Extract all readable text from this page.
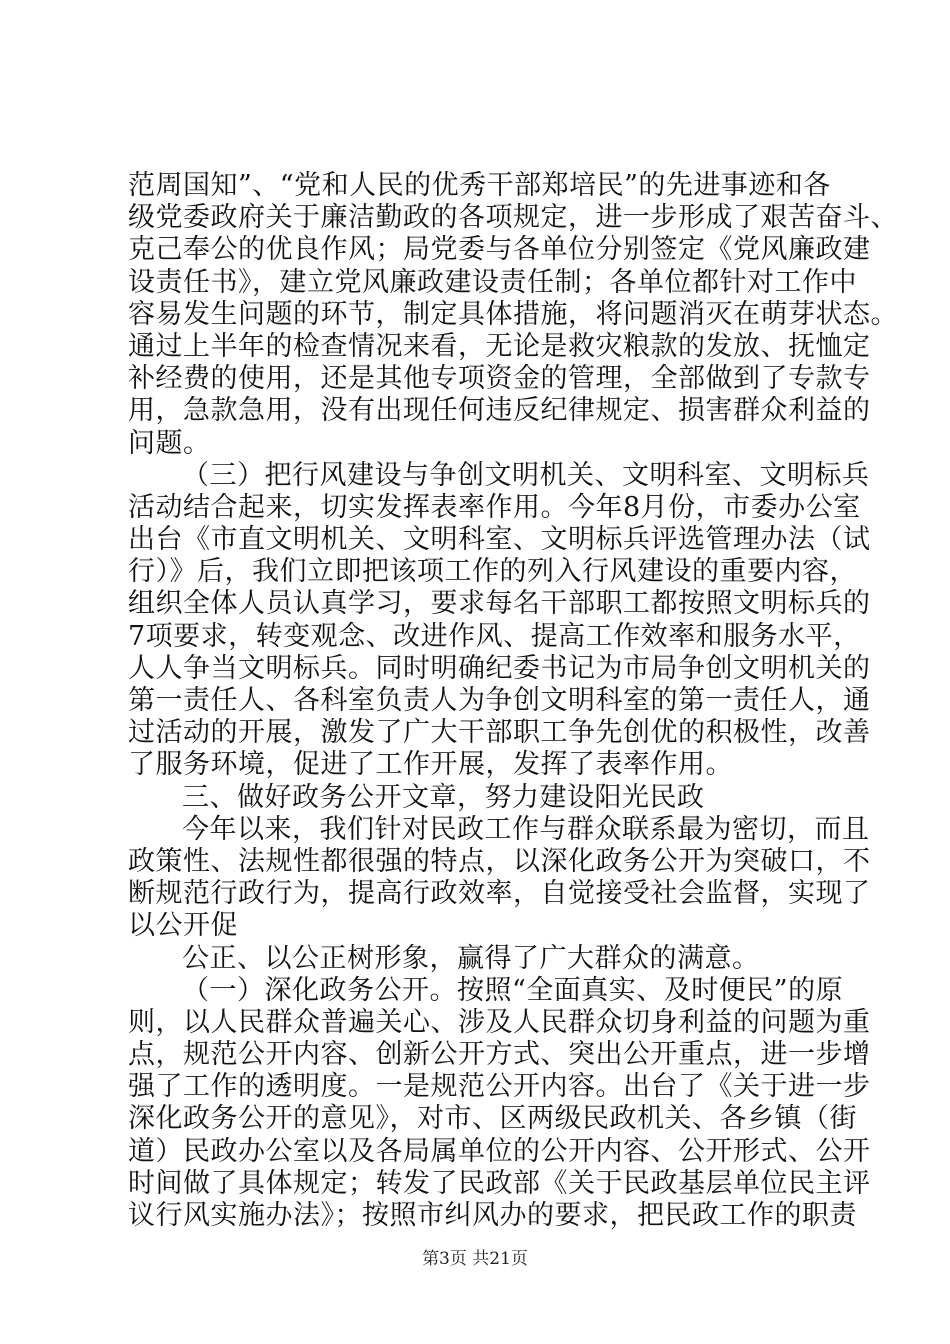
范周国知”、“党和人民的优秀干部郑培民”的先进事迹和各
级党委政府关于廉洁勤政的各项规定，进一步形成了艰苦奋斗、
克己奉公的优良作风；局党委与各单位分别签定《党风廉政建
设责任书》，建立党风廉政建设责任制；各单位都针对工作中
容易发生问题的环节，制定具体措施，将问题消灭在萌芽状态。
通过上半年的检查情况来看，无论是救灾粮款的发放、抚恤定
补经费的使用，还是其他专项资金的管理，全部做到了专款专
用，急款急用，没有出现任何违反纪律规定、损害群众利益的
问题。
（三）把行风建设与争创文明机关、文明科室、文明标兵
活动结合起来，切实发挥表率作用。今年8月份，市委办公室
出台《市直文明机关、文明科室、文明标兵评选管理办法（试
行）》后，我们立即把该项工作的列入行风建设的重要内容，
组织全体人员认真学习，要求每名干部职工都按照文明标兵的
7项要求，转变观念、改进作风、提高工作效率和服务水平，
人人争当文明标兵。同时明确纪委书记为市局争创文明机关的
第一责任人、各科室负责人为争创文明科室的第一责任人，通
过活动的开展，激发了广大干部职工争先创优的积极性，改善
了服务环境，促进了工作开展，发挥了表率作用。
三、做好政务公开文章，努力建设阳光民政
今年以来，我们针对民政工作与群众联系最为密切，而且
政策性、法规性都很强的特点，以深化政务公开为突破口，不
断规范行政行为，提高行政效率，自觉接受社会监督，实现了
以公开促
公正、以公正树形象，赢得了广大群众的满意。
（一）深化政务公开。按照“全面真实、及时便民”的原
则，以人民群众普遍关心、涉及人民群众切身利益的问题为重
点，规范公开内容、创新公开方式、突出公开重点，进一步增
强了工作的透明度。一是规范公开内容。出台了《关于进一步
深化政务公开的意见》，对市、区两级民政机关、各乡镇（街
道）民政办公室以及各局属单位的公开内容、公开形式、公开
时间做了具体规定；转发了民政部《关于民政基层单位民主评
议行风实施办法》；按照市纠风办的要求，把民政工作的职责
第3页 共21页
